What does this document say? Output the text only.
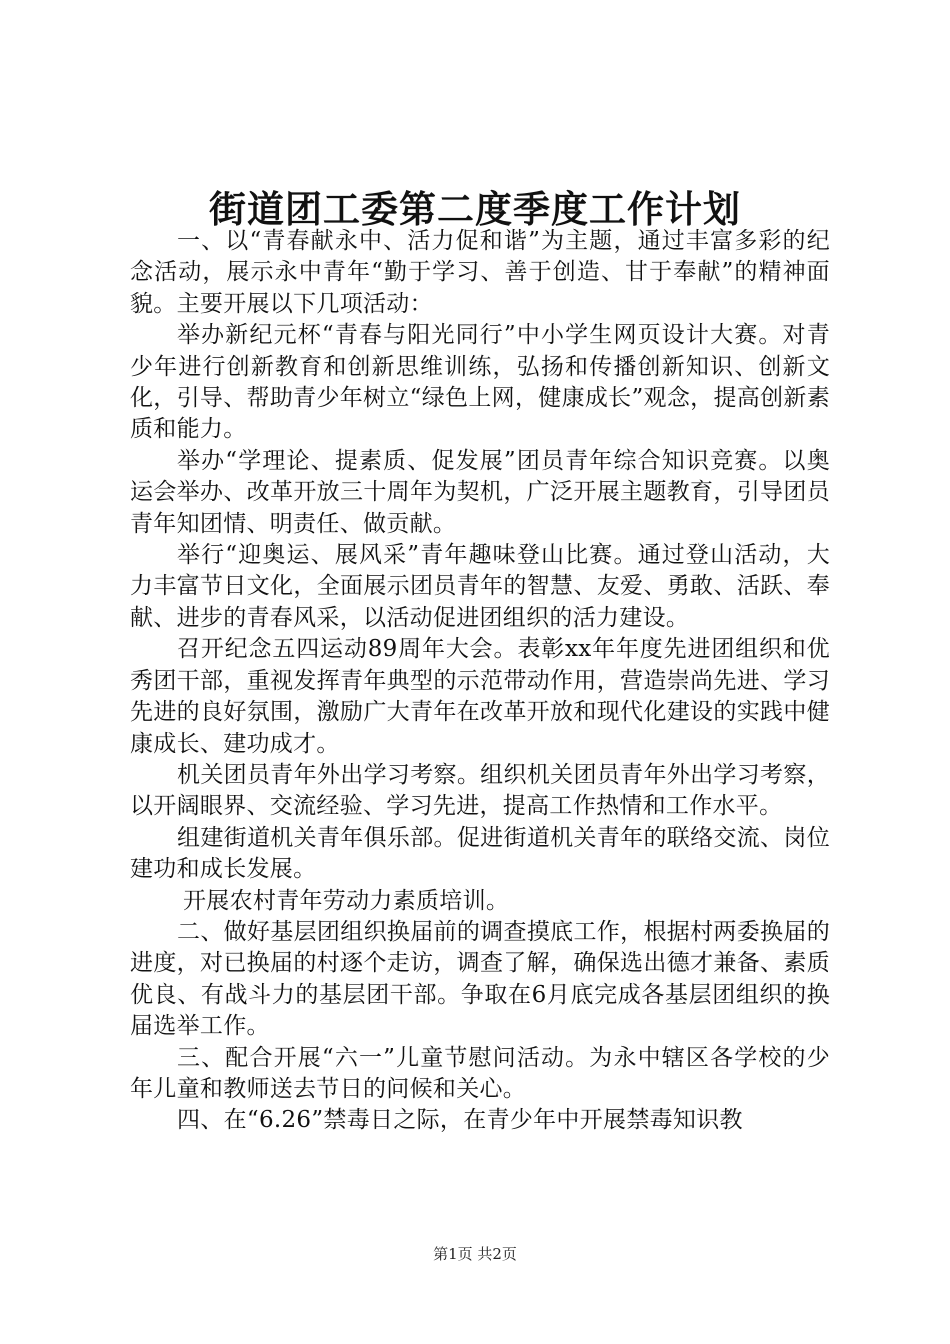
街道团工委第二度季度工作计划

一、以“青春献永中、活力促和谐”为主题，通过丰富多彩的纪念活动，展示永中青年“勤于学习、善于创造、甘于奉献”的精神面貌。主要开展以下几项活动：

举办新纪元杯“青春与阳光同行”中小学生网页设计大赛。对青少年进行创新教育和创新思维训练，弘扬和传播创新知识、创新文化，引导、帮助青少年树立“绿色上网，健康成长”观念，提高创新素质和能力。

举办“学理论、提素质、促发展”团员青年综合知识竞赛。以奥运会举办、改革开放三十周年为契机，广泛开展主题教育，引导团员青年知团情、明责任、做贡献。

举行“迎奥运、展风采”青年趣味登山比赛。通过登山活动，大力丰富节日文化，全面展示团员青年的智慧、友爱、勇敢、活跃、奉献、进步的青春风采，以活动促进团组织的活力建设。

召开纪念五四运动89周年大会。表彰xx年年度先进团组织和优秀团干部，重视发挥青年典型的示范带动作用，营造崇尚先进、学习先进的良好氛围，激励广大青年在改革开放和现代化建设的实践中健康成长、建功成才。

机关团员青年外出学习考察。组织机关团员青年外出学习考察，以开阔眼界、交流经验、学习先进，提高工作热情和工作水平。

组建街道机关青年俱乐部。促进街道机关青年的联络交流、岗位建功和成长发展。

开展农村青年劳动力素质培训。

二、做好基层团组织换届前的调查摸底工作，根据村两委换届的进度，对已换届的村逐个走访，调查了解，确保选出德才兼备、素质优良、有战斗力的基层团干部。争取在6月底完成各基层团组织的换届选举工作。

三、配合开展“六一”儿童节慰问活动。为永中辖区各学校的少年儿童和教师送去节日的问候和关心。

四、在“6.26”禁毒日之际，在青少年中开展禁毒知识教

第1页 共2页
